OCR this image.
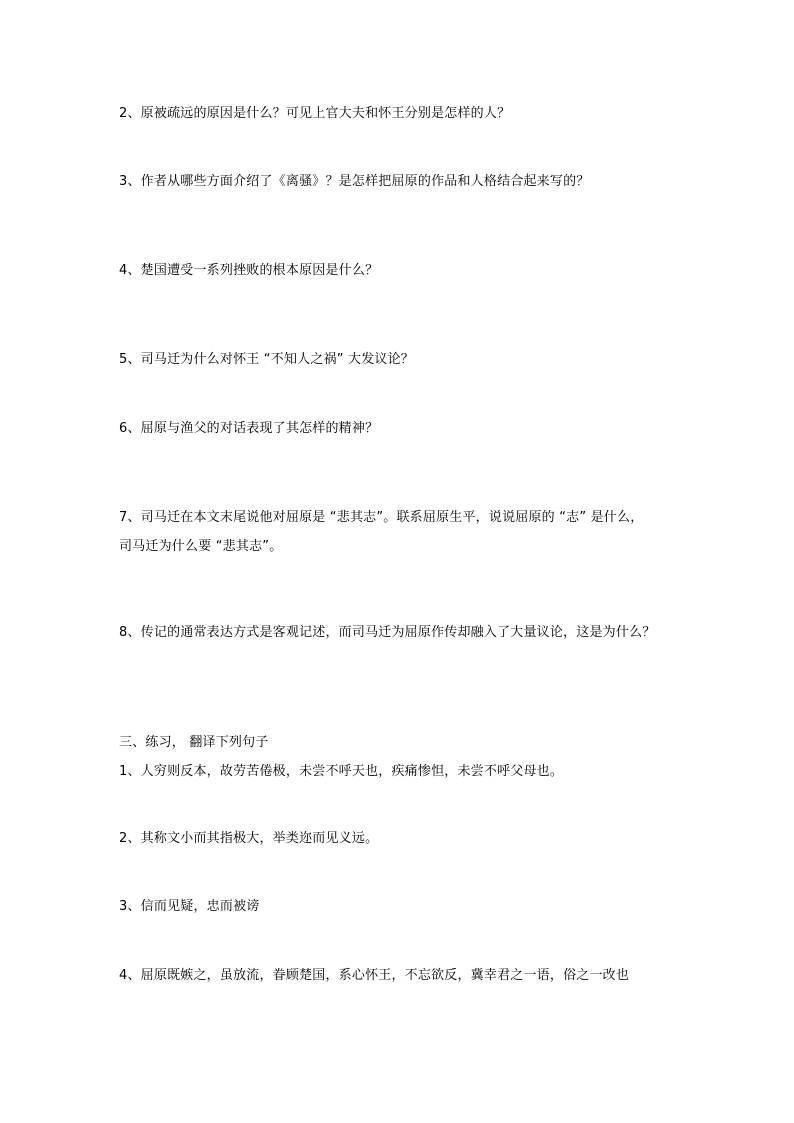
2、原被疏远的原因是什么？可见上官大夫和怀王分别是怎样的人？
3、作者从哪些方面介绍了《离骚》？是怎样把屈原的作品和人格结合起来写的？
4、楚国遭受一系列挫败的根本原因是什么？
5、司马迁为什么对怀王 “不知人之祸” 大发议论？
6、屈原与渔父的对话表现了其怎样的精神？
7、司马迁在本文末尾说他对屈原是 “悲其志”。联系屈原生平，说说屈原的 “志” 是什么，
司马迁为什么要 “悲其志”。
8、传记的通常表达方式是客观记述，而司马迁为屈原作传却融入了大量议论，这是为什么？
三、练习， 翻译下列句子
1、人穷则反本，故劳苦倦极，未尝不呼天也，疾痛惨怛，未尝不呼父母也。
2、其称文小而其指极大，举类迩而见义远。
3、信而见疑，忠而被谤
4、屈原既嫉之，虽放流，眷顾楚国，系心怀王，不忘欲反，冀幸君之一语，俗之一改也
